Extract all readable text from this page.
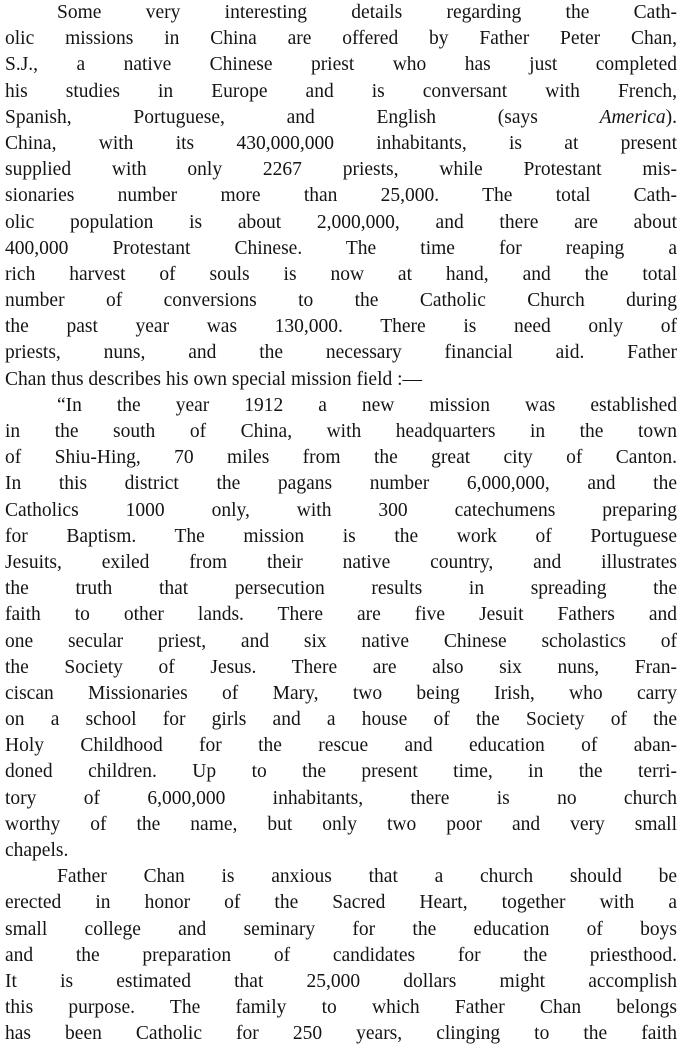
Some very interesting details regarding the Cath-
olic missions in China are offered by Father Peter Chan,
S.J., a native Chinese priest who has just completed
his studies in Europe and is conversant with French,
Spanish, Portuguese, and English (says America).
China, with its 430,000,000 inhabitants, is at present
supplied with only 2267 priests, while Protestant mis-
sionaries number more than 25,000. The total Cath-
olic population is about 2,000,000, and there are about
400,000 Protestant Chinese. The time for reaping a
rich harvest of souls is now at hand, and the total
number of conversions to the Catholic Church during
the past year was 130,000. There is need only of
priests, nuns, and the necessary financial aid. Father
Chan thus describes his own special mission field :—
“In the year 1912 a new mission was established
in the south of China, with headquarters in the town
of Shiu-Hing, 70 miles from the great city of Canton.
In this district the pagans number 6,000,000, and the
Catholics 1000 only, with 300 catechumens preparing
for Baptism. The mission is the work of Portuguese
Jesuits, exiled from their native country, and illustrates
the truth that persecution results in spreading the
faith to other lands. There are five Jesuit Fathers and
one secular priest, and six native Chinese scholastics of
the Society of Jesus. There are also six nuns, Fran-
ciscan Missionaries of Mary, two being Irish, who carry
on a school for girls and a house of the Society of the
Holy Childhood for the rescue and education of aban-
doned children. Up to the present time, in the terri-
tory of 6,000,000 inhabitants, there is no church
worthy of the name, but only two poor and very small
chapels.
Father Chan is anxious that a church should be
erected in honor of the Sacred Heart, together with a
small college and seminary for the education of boys
and the preparation of candidates for the priesthood.
It is estimated that 25,000 dollars might accomplish
this purpose. The family to which Father Chan belongs
has been Catholic for 250 years, clinging to the faith
